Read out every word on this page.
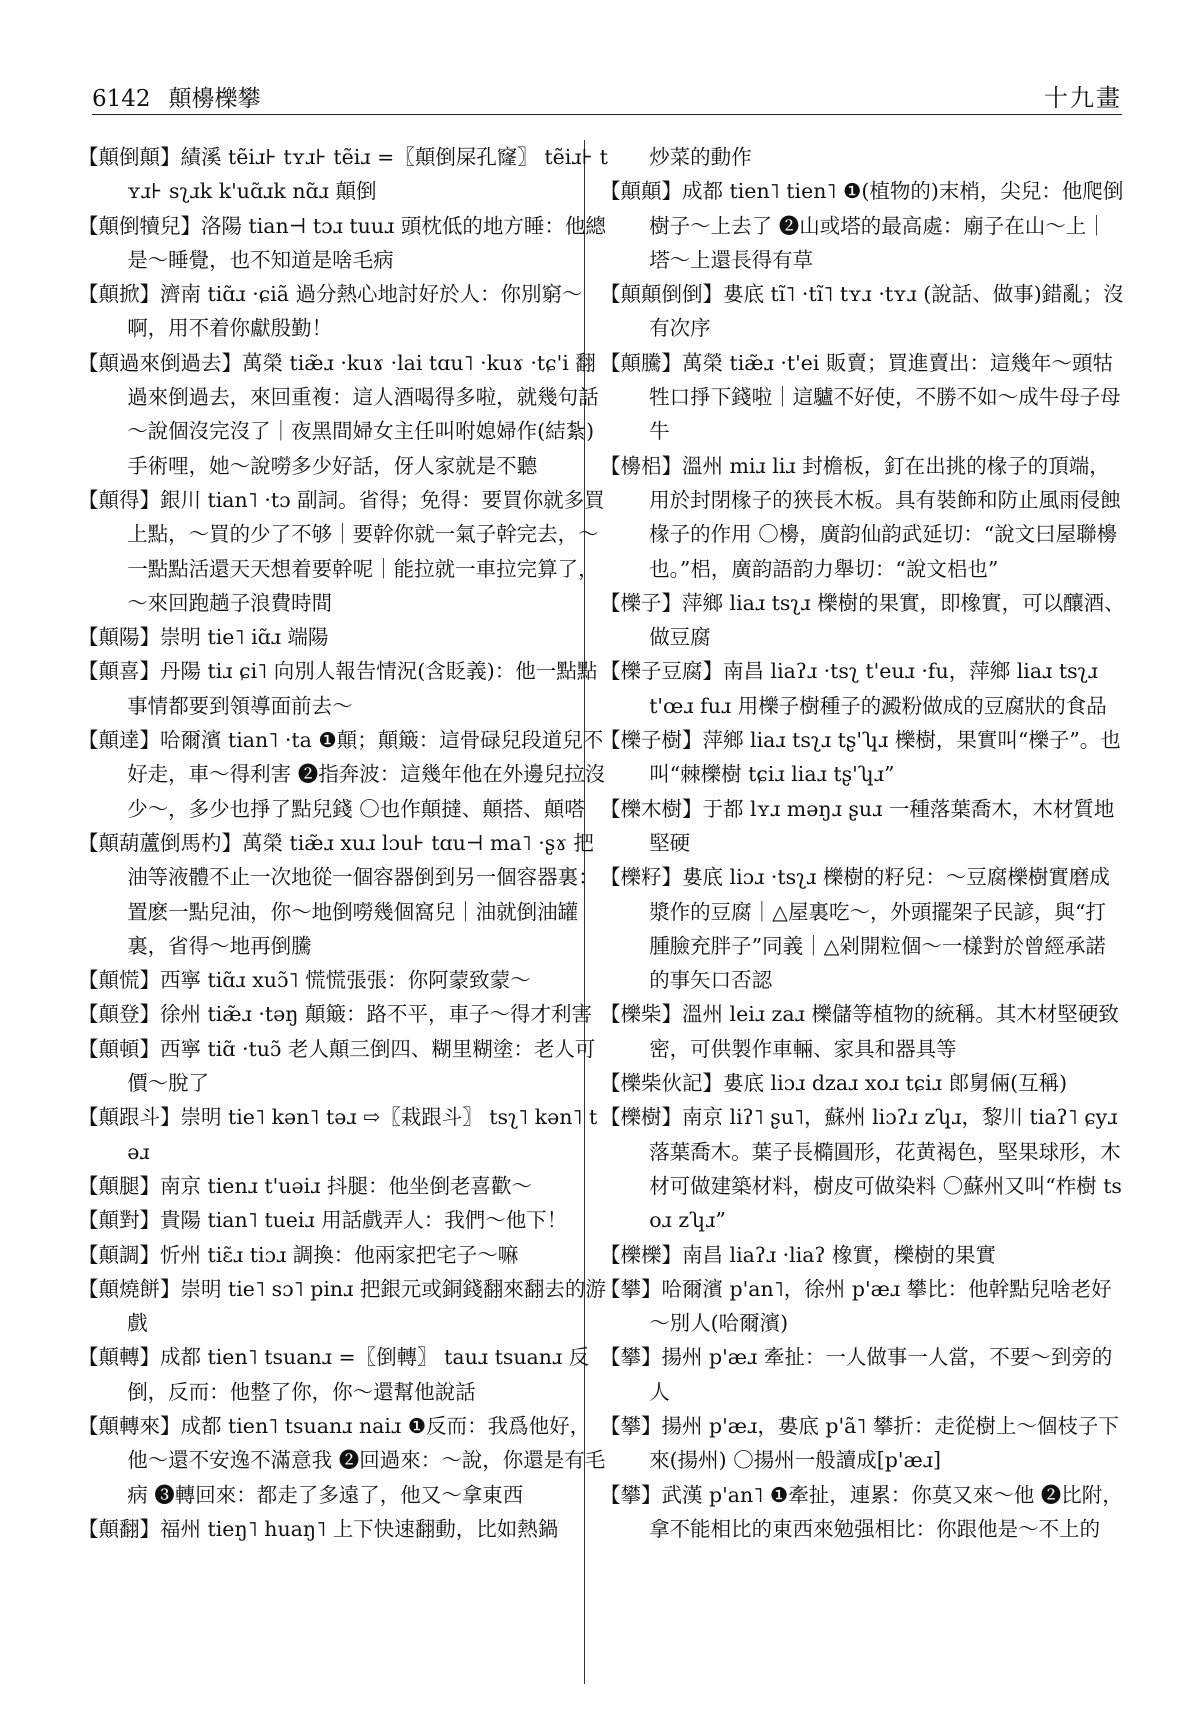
6142 顛櫋櫟攀	十九畫
【顛倒顛】績溪 tẽiɹ⊦ tʏɹ⊦ tẽiɹ =〖顛倒屎孔窿〗 tẽiɹ⊦ tʏɹ⊦ sʅɹk k'uɑ̃ɹk nɑ̃ɹ 顛倒
【顛倒犢兒】洛陽 tian⊣ tɔɹ tuuɹ 頭枕低的地方睡：他總是～睡覺，也不知道是啥毛病
【顛掀】濟南 tiɑ̃ɹ ·ɕiã 過分熱心地討好於人：你別窮～啊，用不着你獻殷勤！
【顛過來倒過去】萬榮 tiæ̃ɹ ·kuɤ ·lai tɑu˥ ·kuɤ ·tɕ'i 翻過來倒過去，來回重複：這人酒喝得多啦，就幾句話～說個沒完沒了｜夜黑間婦女主任叫咐媳婦作(結紮)手術哩，她～說嘮多少好話，伢人家就是不聽
【顛得】銀川 tian˥ ·tɔ 副詞。省得；免得：要買你就多買上點，～買的少了不够｜要幹你就一氣子幹完去，～一點點活還天天想着要幹呢｜能拉就一車拉完算了，～來回跑趟子浪費時間
【顛陽】崇明 tie˥ iɑ̃ɹ 端陽
【顛喜】丹陽 tiɹ ɕi˥ 向別人報告情況(含貶義)：他一點點事情都要到領導面前去～
【顛達】哈爾濱 tian˥ ·ta ❶顛；顛簸：這骨碌兒段道兒不好走，車～得利害 ❷指奔波：這幾年他在外邊兒拉沒少～，多少也掙了點兒錢 〇也作顛撻、顛搭、顛嗒
【顛葫蘆倒馬杓】萬榮 tiæ̃ɹ xuɹ lɔu⊦ tɑu⊣ ma˥ ·ʂɤ 把油等液體不止一次地從一個容器倒到另一個容器裏：置麽一點兒油，你～地倒嘮幾個窩兒｜油就倒油罐裏，省得～地再倒騰
【顛慌】西寧 tiɑ̃ɹ xuɔ̃˥ 慌慌張張：你阿蒙致蒙～
【顛登】徐州 tiæ̃ɹ ·təŋ 顛簸：路不平，車子～得才利害
【顛頓】西寧 tiɑ̃ ·tuɔ̃ 老人顛三倒四、糊里糊塗：老人可價～脫了
【顛跟斗】崇明 tie˥ kən˥ təɹ ⇨〖栽跟斗〗 tsʅ˥ kən˥ təɹ
【顛腿】南京 tienɹ t'uəiɹ 抖腿：他坐倒老喜歡～
【顛對】貴陽 tian˥ tueiɹ 用話戲弄人：我們～他下！
【顛調】忻州 tiɛ̃ɹ tiɔɹ 調換：他兩家把宅子～嘛
【顛燒餅】崇明 tie˥ sɔ˥ pinɹ 把銀元或銅錢翻來翻去的游戲
【顛轉】成都 tien˥ tsuanɹ =〖倒轉〗 tauɹ tsuanɹ 反倒，反而：他整了你，你～還幫他說話
【顛轉來】成都 tien˥ tsuanɹ naiɹ ❶反而：我爲他好，他～還不安逸不滿意我 ❷回過來：～說，你還是有毛病 ❸轉回來：都走了多遠了，他又～拿東西
【顛翻】福州 tieŋ˥ huaŋ˥ 上下快速翻動，比如熱鍋
炒菜的動作
【顛顛】成都 tien˥ tien˥ ❶(植物的)末梢，尖兒：他爬倒樹子～上去了 ❷山或塔的最高處：廟子在山～上｜塔～上還長得有草
【顛顛倒倒】婁底 tĩ˥ ·tĩ˥ tʏɹ ·tʏɹ (說話、做事)錯亂；沒有次序
【顛騰】萬榮 tiæ̃ɹ ·t'ei 販賣；買進賣出：這幾年～頭牯牲口掙下錢啦｜這驢不好使，不勝不如～成牛母子母牛
【櫋梠】溫州 miɹ liɹ 封檐板，釘在出挑的椽子的頂端，用於封閉椽子的狹長木板。具有裝飾和防止風雨侵蝕椽子的作用 〇櫋，廣韵仙韵武延切：“說文曰屋聯櫋也。”梠，廣韵語韵力舉切：“說文梠也”
【櫟子】萍鄉 liaɹ tsʅɹ 櫟樹的果實，即橡實，可以釀酒、做豆腐
【櫟子豆腐】南昌 liaʔɹ ·tsʅ t'euɹ ·fu，萍鄉 liaɹ tsʅɹ t'œɹ fuɹ 用櫟子樹種子的澱粉做成的豆腐狀的食品
【櫟子樹】萍鄉 liaɹ tsʅɹ tʂ'ʮɹ 櫟樹，果實叫“櫟子”。也叫“棘櫟樹 tɕiɹ liaɹ tʂ'ʮɹ”
【櫟木樹】于都 lʏɹ məŋɹ ʂuɹ 一種落葉喬木，木材質地堅硬
【櫟籽】婁底 liɔɹ ·tsʅɹ 櫟樹的籽兒：～豆腐櫟樹實磨成漿作的豆腐｜△屋裏吃～，外頭擺架子民諺，與“打腫臉充胖子”同義｜△剁開粒個～一樣對於曾經承諾的事矢口否認
【櫟柴】溫州 leiɹ zaɹ 櫟儲等植物的統稱。其木材堅硬致密，可供製作車輛、家具和器具等
【櫟柴伙記】婁底 liɔɹ dzaɹ xoɹ tɕiɹ 郎舅倆(互稱)
【櫟樹】南京 liʔ˥ ʂu˥，蘇州 liɔʔɹ zʮɹ，黎川 tiaʔ˥ ɕyɹ 落葉喬木。葉子長橢圓形，花黄褐色，堅果球形，木材可做建築材料，樹皮可做染料 〇蘇州又叫“柞樹 tsoɹ zʮɹ”
【櫟櫟】南昌 liaʔɹ ·liaʔ 橡實，櫟樹的果實
【攀】哈爾濱 p'an˥，徐州 p'æɹ 攀比：他幹點兒啥老好～別人(哈爾濱)
【攀】揚州 p'æɹ 牽扯：一人做事一人當，不要～到旁的人
【攀】揚州 p'æɹ，婁底 p'ã˥ 攀折：走從樹上～個枝子下來(揚州) 〇揚州一般讀成[p'æɹ]
【攀】武漢 p'an˥ ❶牽扯，連累：你莫又來～他 ❷比附，拿不能相比的東西來勉强相比：你跟他是～不上的
